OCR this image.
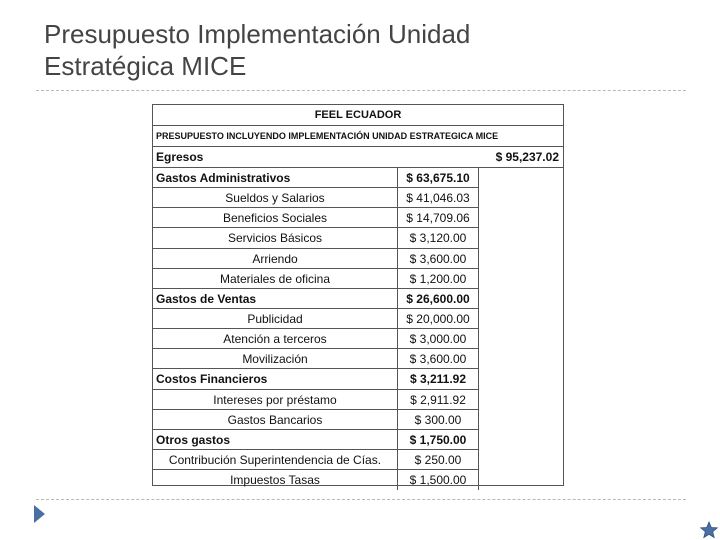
Presupuesto Implementación Unidad
Estratégica MICE
FEEL ECUADOR
PRESUPUESTO INCLUYENDO IMPLEMENTACIÓN UNIDAD ESTRATEGICA MICE
Egresos	$ 95,237.02
Gastos Administrativos	$ 63,675.10
Sueldos y Salarios	$ 41,046.03
Beneficios Sociales	$ 14,709.06
Servicios Básicos	$ 3,120.00
Arriendo	$ 3,600.00
Materiales de oficina	$ 1,200.00
Gastos de Ventas	$ 26,600.00
Publicidad	$ 20,000.00
Atención a terceros	$ 3,000.00
Movilización	$ 3,600.00
Costos Financieros	$ 3,211.92
Intereses por préstamo	$ 2,911.92
Gastos Bancarios	$ 300.00
Otros gastos	$ 1,750.00
Contribución Superintendencia de Cías.	$ 250.00
Impuestos Tasas	$ 1,500.00
